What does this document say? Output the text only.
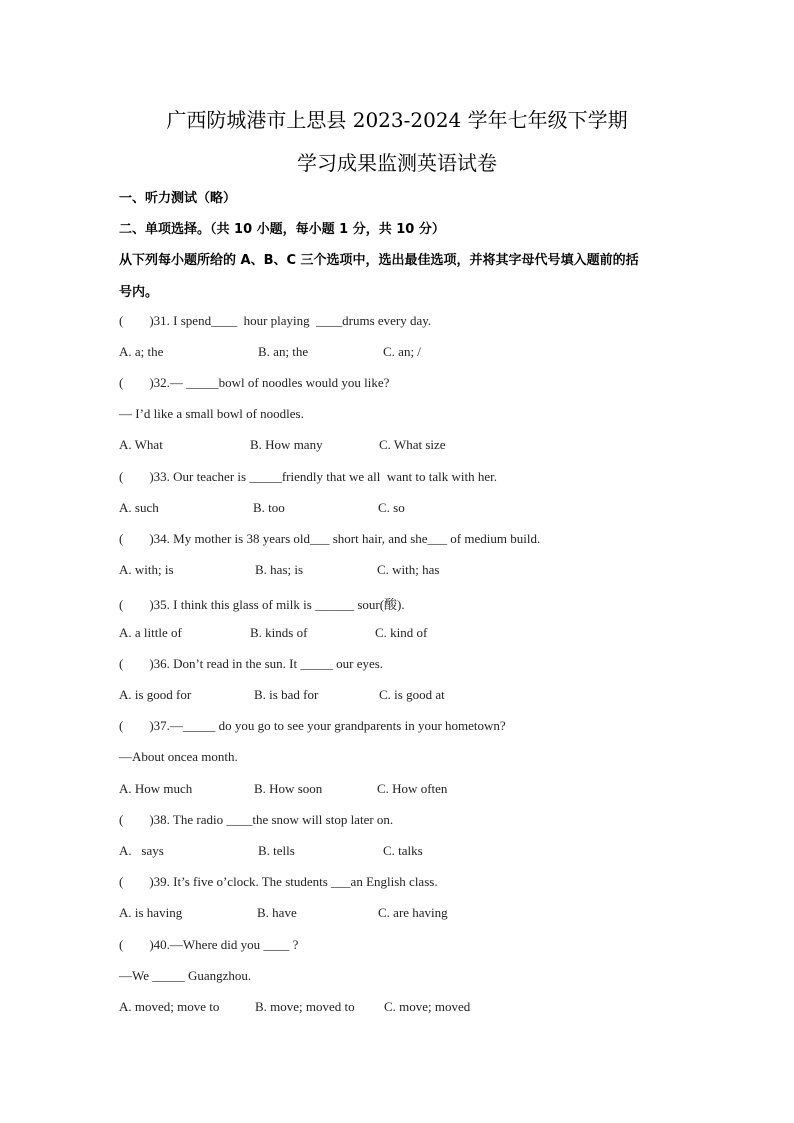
广西防城港市上思县 2023-2024 学年七年级下学期
学习成果监测英语试卷
一、听力测试（略）
二、单项选择。（共 10 小题，每小题 1 分，共 10 分）
从下列每小题所给的 A、B、C 三个选项中，选出最佳选项，并将其字母代号填入题前的括
号内。
(        )31. I spend____  hour playing  ____drums every day.
A. a; the	B. an; the	C. an; /
(        )32.— _____bowl of noodles would you like?
— I’d like a small bowl of noodles.
A. What	B. How many	C. What size
(        )33. Our teacher is _____friendly that we all  want to talk with her.
A. such	B. too	C. so
(        )34. My mother is 38 years old___ short hair, and she___ of medium build.
A. with; is	B. has; is	C. with; has
(        )35. I think this glass of milk is ______ sour(酸).
A. a little of	B. kinds of	C. kind of
(        )36. Don’t read in the sun. It _____ our eyes.
A. is good for	B. is bad for	C. is good at
(        )37.—_____ do you go to see your grandparents in your hometown?
—About oncea month.
A. How much	B. How soon	C. How often
(        )38. The radio ____the snow will stop later on.
A.   says	B. tells	C. talks
(        )39. It’s five o’clock. The students ___an English class.
A. is having	B. have	C. are having
(        )40.—Where did you ____ ?
—We _____ Guangzhou.
A. moved; move to	B. move; moved to C. move; moved
